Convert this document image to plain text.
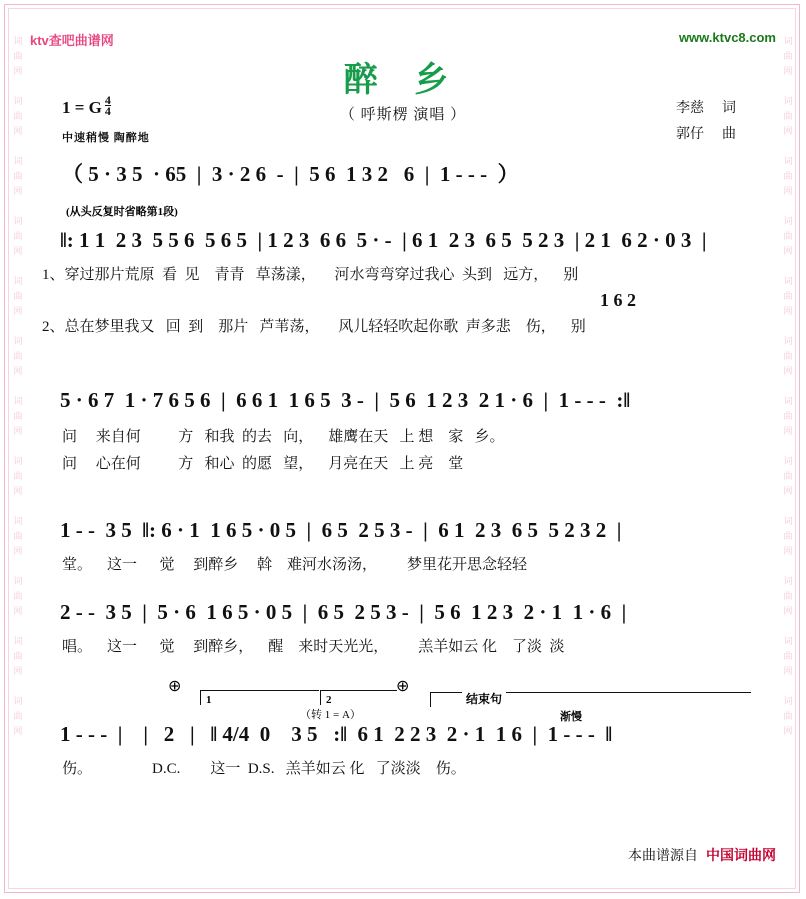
词
曲
网

词
曲
网

词
曲
网

词
曲
网

词
曲
网

词
曲
网

词
曲
网

词
曲
网

词
曲
网

词
曲
网

词
曲
网

词
曲
网
词
曲
网

词
曲
网

词
曲
网

词
曲
网

词
曲
网

词
曲
网

词
曲
网

词
曲
网

词
曲
网

词
曲
网

词
曲
网

词
曲
网
ktv查吧曲谱网	www.ktvc8.com
醉 乡
（ 呼斯楞 演唱 ）
1 = G $\frac{4}{4}$
中速稍慢 陶醉地
李慈 词
郭仔 曲
（ 5 · 3 5  · 65  |  3 · 2 6  -  |  5 6  1 3 2   6  |  1 - - -  ）
(从头反复时省略第1段)
‖: 1 1  2 3  5 5 6  5 6 5  | 1 2 3  6 6  5 · -  | 6 1  2 3  6 5  5 2 3  | 2 1  6 2 · 0 3  |
1、穿过那片荒原  看  见    青青   草荡漾，     河水弯弯穿过我心  头到   远方，    别
1 6 2
2、总在梦里我又   回  到    那片   芦苇荡，     风儿轻轻吹起你歌  声多悲    伤，    别
5 · 6 7  1 · 7 6 5 6  |  6 6 1  1 6 5  3 -  |  5 6  1 2 3  2 1 · 6  |  1 - - -  :‖
问     来自何          方   和我  的去   向，    雄鹰在天   上 想    家   乡。
问     心在何          方   和心  的愿   望，    月亮在天   上 亮    堂
1 - -  3 5  ‖: 6 · 1  1 6 5 · 0 5  |  6 5  2 5 3 -  |  6 1  2 3  6 5  5 2 3 2  |
堂。    这一      觉     到醉乡     斡    难河水汤汤，        梦里花开思念轻轻
2 - -  3 5  |  5 · 6  1 6 5 · 0 5  |  6 5  2 5 3 -  |  5 6  1 2 3  2 · 1  1 · 6  |
唱。    这一      觉     到醉乡，    醒    来时天光光，        羔羊如云 化    了淡  淡
⊕
1	2
⊕
（转 1 = A）
结束句
渐慢
1 - - -  |    |   2   |   ‖ 4/4  0    3 5   :‖  6 1  2 2 3  2 · 1  1 6  |  1 - - -  ‖
伤。                D.C.        这一  D.S.   羔羊如云 化   了淡淡    伤。
本曲谱源自 中国词曲网
